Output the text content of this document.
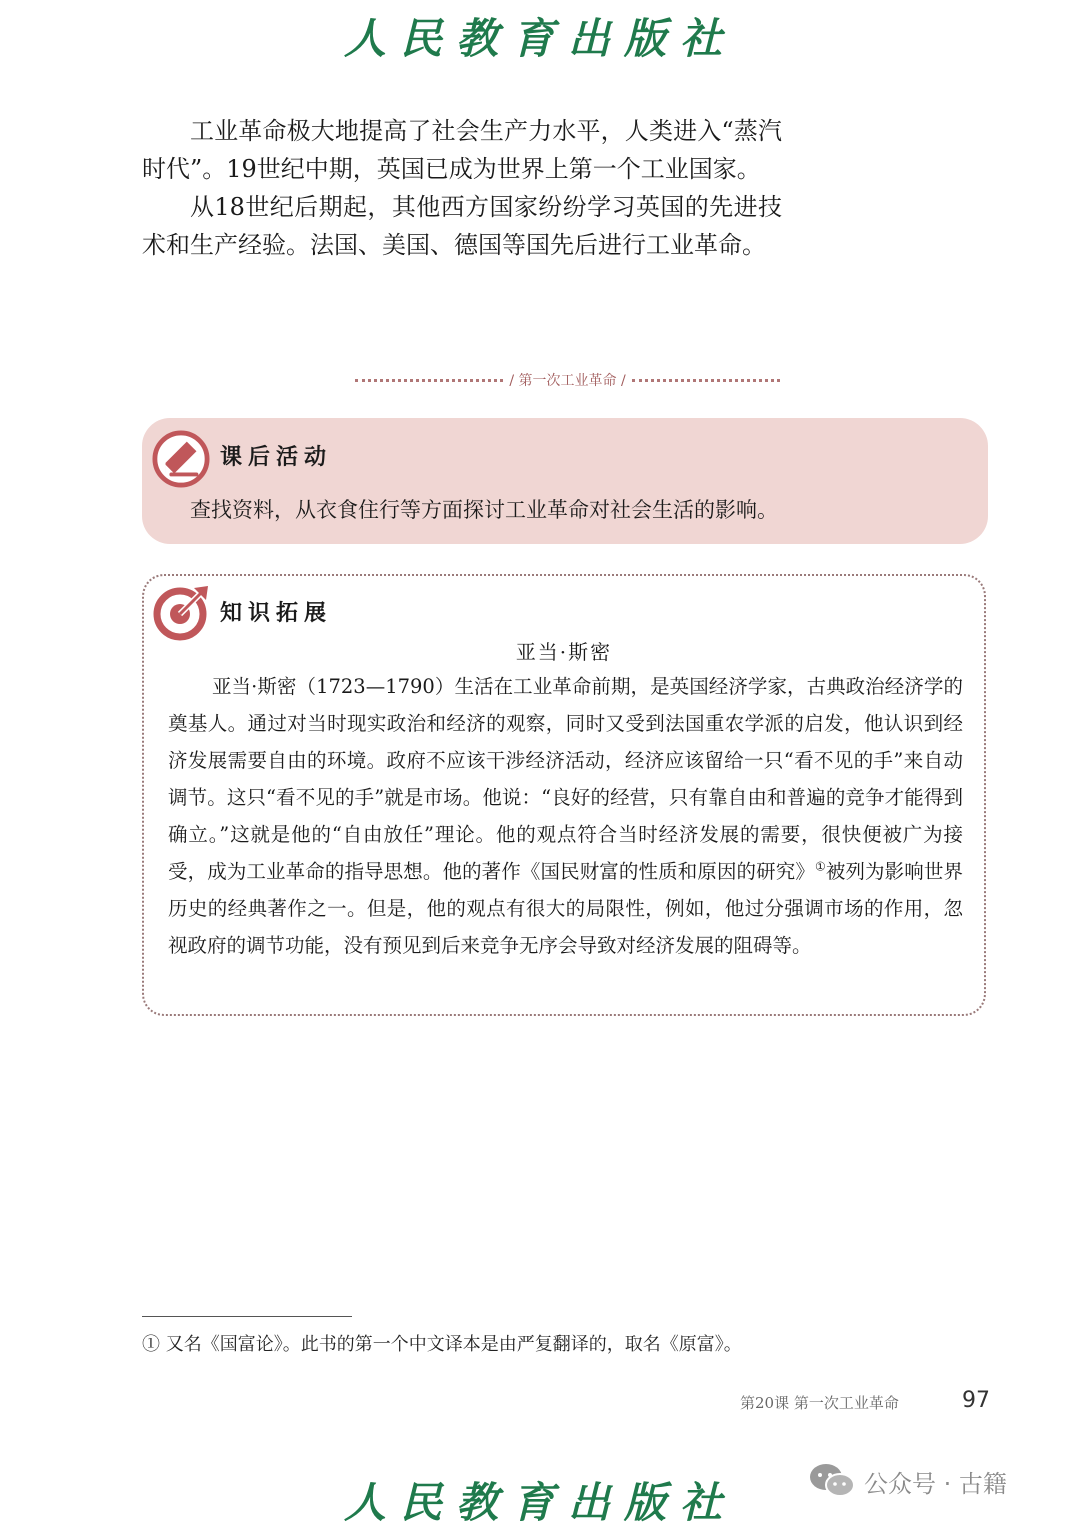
人民教育出版社

工业革命极大地提高了社会生产力水平，人类进入“蒸汽时代”。19世纪中期，英国已成为世界上第一个工业国家。

从18世纪后期起，其他西方国家纷纷学习英国的先进技术和生产经验。法国、美国、德国等国先后进行工业革命。

/ 第一次工业革命 /
课后活动
查找资料，从衣食住行等方面探讨工业革命对社会生活的影响。
知识拓展
亚当·斯密

亚当·斯密（1723—1790）生活在工业革命前期，是英国经济学家，古典政治经济学的奠基人。通过对当时现实政治和经济的观察，同时又受到法国重农学派的启发，他认识到经济发展需要自由的环境。政府不应该干涉经济活动，经济应该留给一只“看不见的手”来自动调节。这只“看不见的手”就是市场。他说：“良好的经营，只有靠自由和普遍的竞争才能得到确立。”这就是他的“自由放任”理论。他的观点符合当时经济发展的需要，很快便被广为接受，成为工业革命的指导思想。他的著作《国民财富的性质和原因的研究》①被列为影响世界历史的经典著作之一。但是，他的观点有很大的局限性，例如，他过分强调市场的作用，忽视政府的调节功能，没有预见到后来竞争无序会导致对经济发展的阻碍等。

① 又名《国富论》。此书的第一个中文译本是由严复翻译的，取名《原富》。
第20课 第一次工业革命	97
人民教育出版社	公众号 · 古籍
